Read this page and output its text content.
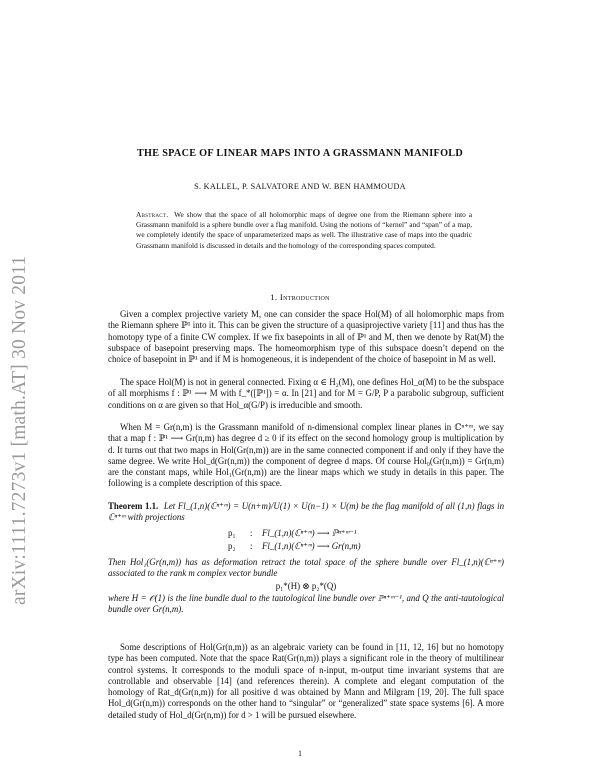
arXiv:1111.7273v1 [math.AT] 30 Nov 2011
THE SPACE OF LINEAR MAPS INTO A GRASSMANN MANIFOLD
S. KALLEL, P. SALVATORE AND W. BEN HAMMOUDA
Abstract. We show that the space of all holomorphic maps of degree one from the Riemann sphere into a Grassmann manifold is a sphere bundle over a flag manifold. Using the notions of “kernel” and “span” of a map, we completely identify the space of unparameterized maps as well. The illustrative case of maps into the quadric Grassmann manifold is discussed in details and the homology of the corresponding spaces computed.
1. Introduction

Given a complex projective variety M, one can consider the space Hol(M) of all holomorphic maps from the Riemann sphere ℙ¹ into it. This can be given the structure of a quasiprojective variety [11] and thus has the homotopy type of a finite CW complex. If we fix basepoints in all of ℙ¹ and M, then we denote by Rat(M) the subspace of basepoint preserving maps. The homeomorphism type of this subspace doesn’t depend on the choice of basepoint in ℙ¹ and if M is homogeneous, it is independent of the choice of basepoint in M as well.

The space Hol(M) is not in general connected. Fixing α ∈ H₂(M), one defines Hol_α(M) to be the subspace of all morphisms f : ℙ¹ ⟶ M with f_*([ℙ¹]) = α. In [21] and for M = G/P, P a parabolic subgroup, sufficient conditions on α are given so that Hol_α(G/P) is irreducible and smooth.

When M = Gr(n,m) is the Grassmann manifold of n-dimensional complex linear planes in ℂⁿ⁺ᵐ, we say that a map f : ℙ¹ ⟶ Gr(n,m) has degree d ≥ 0 if its effect on the second homology group is multiplication by d. It turns out that two maps in Hol(Gr(n,m)) are in the same connected component if and only if they have the same degree. We write Hol_d(Gr(n,m)) the component of degree d maps. Of course Hol₀(Gr(n,m)) = Gr(n,m) are the constant maps, while Hol₁(Gr(n,m)) are the linear maps which we study in details in this paper. The following is a complete description of this space.

Theorem 1.1. Let Fl_(1,n)(ℂⁿ⁺ᵐ) = U(n+m)/U(1) × U(n−1) × U(m) be the flag manifold of all (1,n) flags in ℂⁿ⁺ᵐ with projections

p₁ : Fl_(1,n)(ℂⁿ⁺ᵐ) ⟶ ℙⁿ⁺ᵐ⁻¹
p₂ : Fl_(1,n)(ℂⁿ⁺ᵐ) ⟶ Gr(n,m)

Then Hol₁(Gr(n,m)) has as deformation retract the total space of the sphere bundle over Fl_(1,n)(ℂⁿ⁺ᵐ) associated to the rank m complex vector bundle

p₁*(H) ⊗ p₂*(Q)

where H = 𝒪(1) is the line bundle dual to the tautological line bundle over ℙⁿ⁺ᵐ⁻¹, and Q the anti-tautological bundle over Gr(n,m).

Some descriptions of Hol(Gr(n,m)) as an algebraic variety can be found in [11, 12, 16] but no homotopy type has been computed. Note that the space Rat(Gr(n,m)) plays a significant role in the theory of multilinear control systems. It corresponds to the moduli space of n-input, m-output time invariant systems that are controllable and observable [14] (and references therein). A complete and elegant computation of the homology of Rat_d(Gr(n,m)) for all positive d was obtained by Mann and Milgram [19, 20]. The full space Hol_d(Gr(n,m)) corresponds on the other hand to “singular” or “generalized” state space systems [6]. A more detailed study of Hol_d(Gr(n,m)) for d > 1 will be pursued elsewhere.

1
